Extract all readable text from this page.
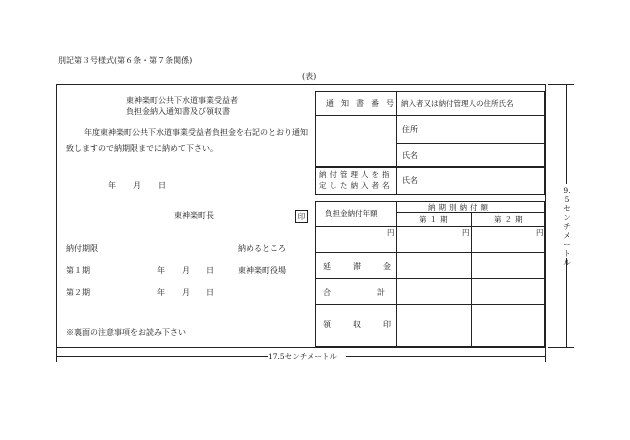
別記第３号様式(第６条・第７条関係)
(表)
東神楽町公共下水道事業受益者
負担金納入通知書及び領収書
年度東神楽町公共下水道事業受益者負担金を右記のとおり通知
致しますので納期限までに納めて下さい。
年 月 日
東神楽町長	印
納付期限	納めるところ
第１期	年 月 日	東神楽町役場
第２期	年 月 日
※裏面の注意事項をお読み下さい
通知書番号 納入者又は納付管理人の住所氏名
住所
氏名
納付管理人を指
定した納入者名
氏名
負担金納付年額
納期別納付額
第１期	第２期
円	円	円
延滞金
合計
領収印
9.5センチメートル
17.5センチメートル
